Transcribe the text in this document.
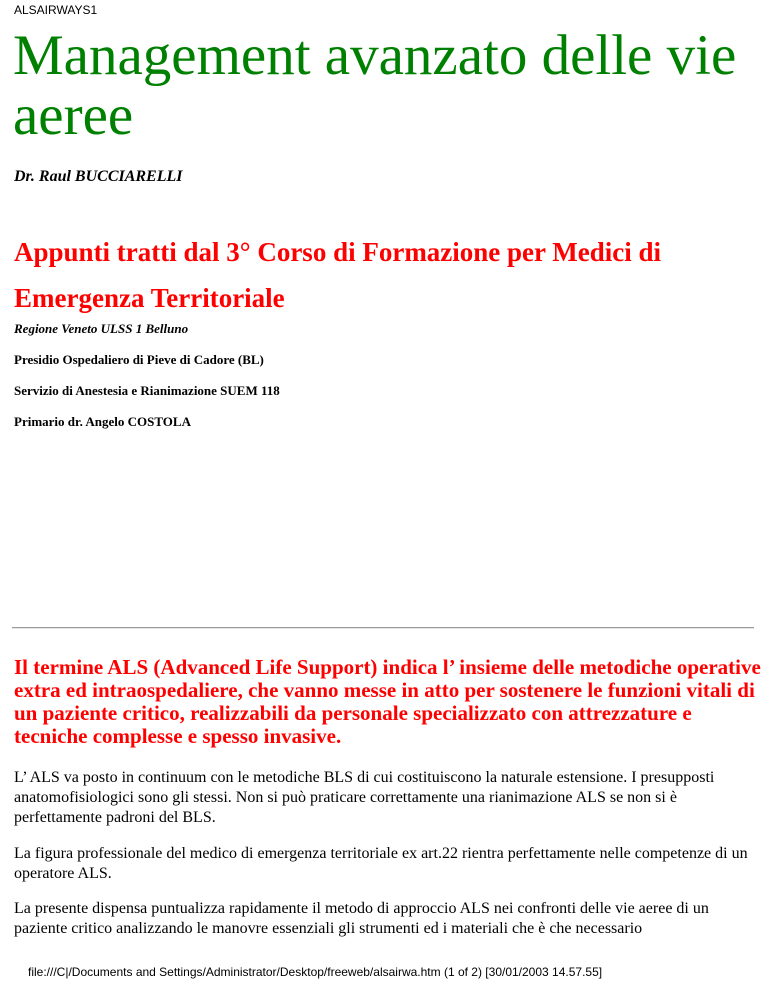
ALSAIRWAYS1
Management avanzato delle vie aeree

Dr. Raul BUCCIARELLI

Appunti tratti dal 3° Corso di Formazione per Medici di Emergenza Territoriale

Regione Veneto ULSS 1 Belluno

Presidio Ospedaliero di Pieve di Cadore (BL)

Servizio di Anestesia e Rianimazione SUEM 118

Primario dr. Angelo COSTOLA

Il termine ALS (Advanced Life Support) indica l’ insieme delle metodiche operative extra ed intraospedaliere, che vanno messe in atto per sostenere le funzioni vitali di un paziente critico, realizzabili da personale specializzato con attrezzature e tecniche complesse e spesso invasive.

L’ ALS va posto in continuum con le metodiche BLS di cui costituiscono la naturale estensione. I presupposti anatomofisiologici sono gli stessi. Non si può praticare correttamente una rianimazione ALS se non si è perfettamente padroni del BLS.

La figura professionale del medico di emergenza territoriale ex art.22 rientra perfettamente nelle competenze di un operatore ALS.

La presente dispensa puntualizza rapidamente il metodo di approccio ALS nei confronti delle vie aeree di un paziente critico analizzando le manovre essenziali gli strumenti ed i materiali che è che necessario

file:///C|/Documents and Settings/Administrator/Desktop/freeweb/alsairwa.htm (1 of 2) [30/01/2003 14.57.55]
